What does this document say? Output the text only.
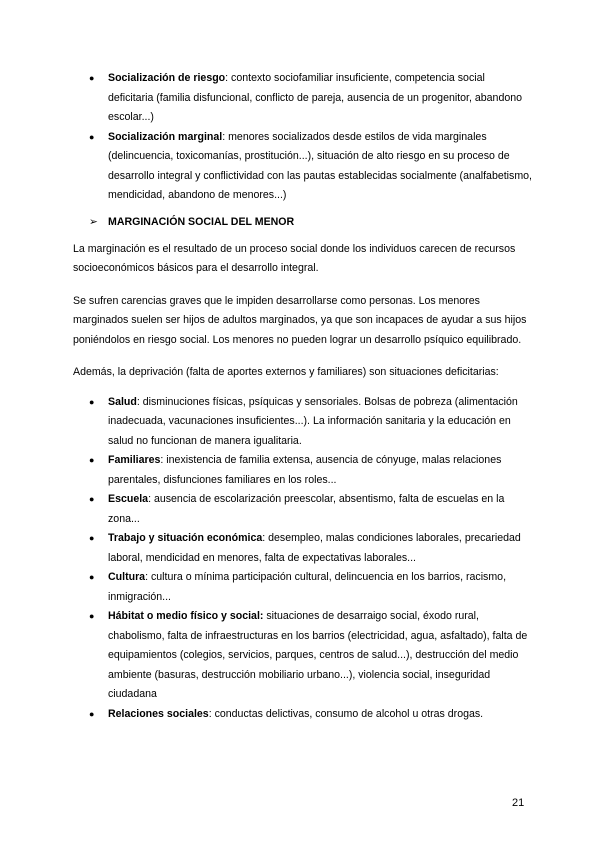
● Socialización de riesgo: contexto sociofamiliar insuficiente, competencia social deficitaria (familia disfuncional, conflicto de pareja, ausencia de un progenitor, abandono escolar...)
● Socialización marginal: menores socializados desde estilos de vida marginales (delincuencia, toxicomanías, prostitución...), situación de alto riesgo en su proceso de desarrollo integral y conflictividad con las pautas establecidas socialmente (analfabetismo, mendicidad, abandono de menores...)
➢ MARGINACIÓN SOCIAL DEL MENOR

La marginación es el resultado de un proceso social donde los individuos carecen de recursos socioeconómicos básicos para el desarrollo integral.

Se sufren carencias graves que le impiden desarrollarse como personas. Los menores marginados suelen ser hijos de adultos marginados, ya que son incapaces de ayudar a sus hijos poniéndolos en riesgo social. Los menores no pueden lograr un desarrollo psíquico equilibrado.

Además, la deprivación (falta de aportes externos y familiares) son situaciones deficitarias:

● Salud: disminuciones físicas, psíquicas y sensoriales. Bolsas de pobreza (alimentación inadecuada, vacunaciones insuficientes...). La información sanitaria y la educación en salud no funcionan de manera igualitaria.
● Familiares: inexistencia de familia extensa, ausencia de cónyuge, malas relaciones parentales, disfunciones familiares en los roles...
● Escuela: ausencia de escolarización preescolar, absentismo, falta de escuelas en la zona...
● Trabajo y situación económica: desempleo, malas condiciones laborales, precariedad laboral, mendicidad en menores, falta de expectativas laborales...
● Cultura: cultura o mínima participación cultural, delincuencia en los barrios, racismo, inmigración...
● Hábitat o medio físico y social: situaciones de desarraigo social, éxodo rural, chabolismo, falta de infraestructuras en los barrios (electricidad, agua, asfaltado), falta de equipamientos (colegios, servicios, parques, centros de salud...), destrucción del medio ambiente (basuras, destrucción mobiliario urbano...), violencia social, inseguridad ciudadana
● Relaciones sociales: conductas delictivas, consumo de alcohol u otras drogas.
21
